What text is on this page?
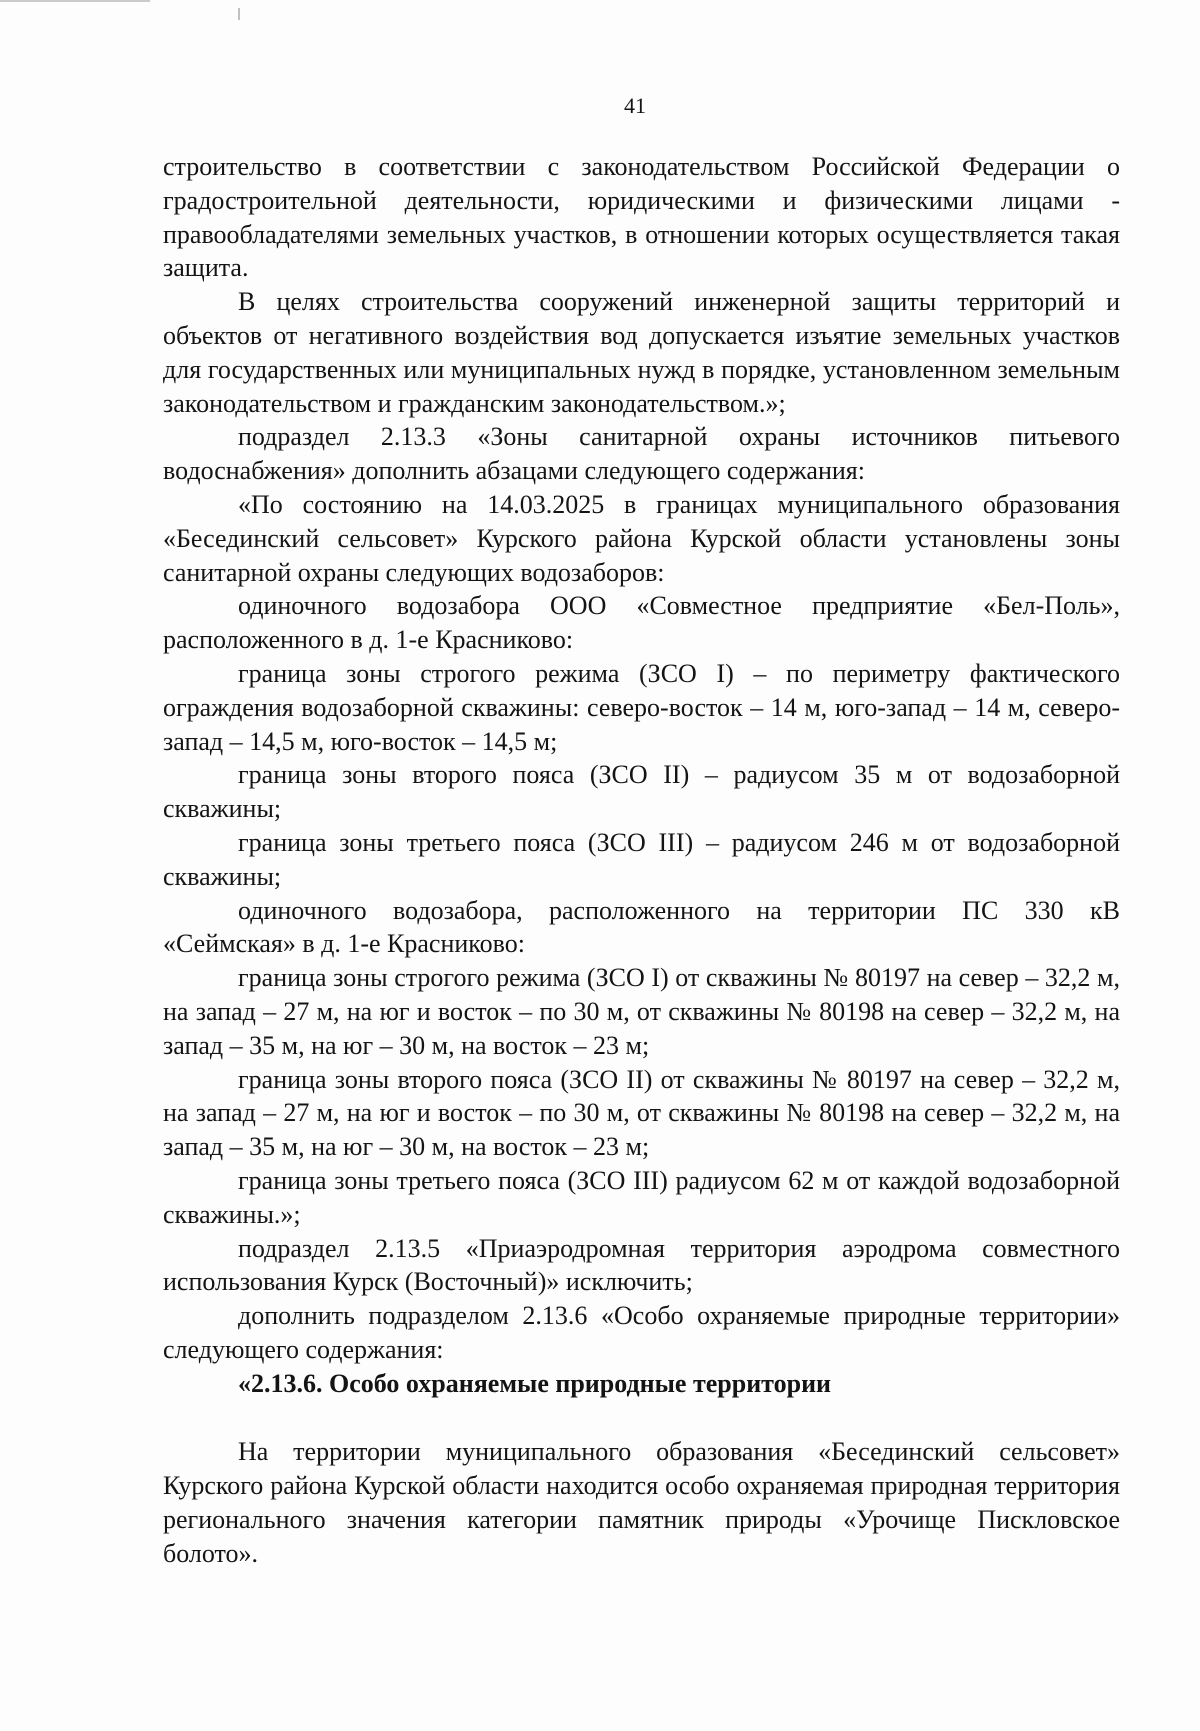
41

строительство в соответствии с законодательством Российской Федерации о градостроительной деятельности, юридическими и физическими лицами - правообладателями земельных участков, в отношении которых осуществляется такая защита.

В целях строительства сооружений инженерной защиты территорий и объектов от негативного воздействия вод допускается изъятие земельных участков для государственных или муниципальных нужд в порядке, установленном земельным законодательством и гражданским законодательством.»;

подраздел 2.13.3 «Зоны санитарной охраны источников питьевого водоснабжения» дополнить абзацами следующего содержания:

«По состоянию на 14.03.2025 в границах муниципального образования «Бесединский сельсовет» Курского района Курской области установлены зоны санитарной охраны следующих водозаборов:

одиночного водозабора ООО «Совместное предприятие «Бел-Поль», расположенного в д. 1-е Красниково:

граница зоны строгого режима (ЗСО I) – по периметру фактического ограждения водозаборной скважины: северо-восток – 14 м, юго-запад – 14 м, северо-запад – 14,5 м, юго-восток – 14,5 м;

граница зоны второго пояса (ЗСО II) – радиусом 35 м от водозаборной скважины;

граница зоны третьего пояса (ЗСО III) – радиусом 246 м от водозаборной скважины;

одиночного водозабора, расположенного на территории ПС 330 кВ «Сеймская» в д. 1-е Красниково:

граница зоны строгого режима (ЗСО I) от скважины № 80197 на север – 32,2 м, на запад – 27 м, на юг и восток – по 30 м, от скважины № 80198 на север – 32,2 м, на запад – 35 м, на юг – 30 м, на восток – 23 м;

граница зоны второго пояса (ЗСО II) от скважины № 80197 на север – 32,2 м, на запад – 27 м, на юг и восток – по 30 м, от скважины № 80198 на север – 32,2 м, на запад – 35 м, на юг – 30 м, на восток – 23 м;

граница зоны третьего пояса (ЗСО III) радиусом 62 м от каждой водозаборной скважины.»;

подраздел 2.13.5 «Приаэродромная территория аэродрома совместного использования Курск (Восточный)» исключить;

дополнить подразделом 2.13.6 «Особо охраняемые природные территории» следующего содержания:

«2.13.6. Особо охраняемые природные территории

На территории муниципального образования «Бесединский сельсовет» Курского района Курской области находится особо охраняемая природная территория регионального значения категории памятник природы «Урочище Пискловское болото».
